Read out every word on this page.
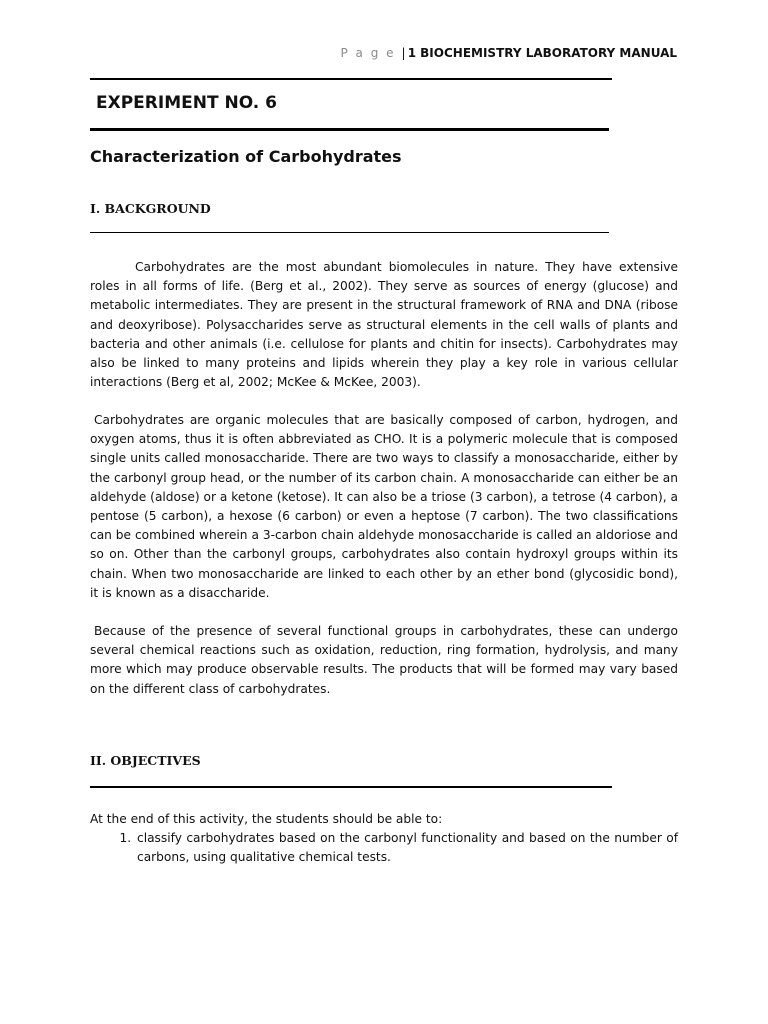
P a g e | 1 BIOCHEMISTRY LABORATORY MANUAL
EXPERIMENT NO. 6
Characterization of Carbohydrates
I. BACKGROUND

Carbohydrates are the most abundant biomolecules in nature. They have extensive roles in all forms of life. (Berg et al., 2002). They serve as sources of energy (glucose) and metabolic intermediates. They are present in the structural framework of RNA and DNA (ribose and deoxyribose). Polysaccharides serve as structural elements in the cell walls of plants and bacteria and other animals (i.e. cellulose for plants and chitin for insects). Carbohydrates may also be linked to many proteins and lipids wherein they play a key role in various cellular interactions (Berg et al, 2002; McKee & McKee, 2003).

Carbohydrates are organic molecules that are basically composed of carbon, hydrogen, and oxygen atoms, thus it is often abbreviated as CHO. It is a polymeric molecule that is composed single units called monosaccharide. There are two ways to classify a monosaccharide, either by the carbonyl group head, or the number of its carbon chain. A monosaccharide can either be an aldehyde (aldose) or a ketone (ketose). It can also be a triose (3 carbon), a tetrose (4 carbon), a pentose (5 carbon), a hexose (6 carbon) or even a heptose (7 carbon). The two classifications can be combined wherein a 3-carbon chain aldehyde monosaccharide is called an aldoriose and so on. Other than the carbonyl groups, carbohydrates also contain hydroxyl groups within its chain. When two monosaccharide are linked to each other by an ether bond (glycosidic bond), it is known as a disaccharide.

Because of the presence of several functional groups in carbohydrates, these can undergo several chemical reactions such as oxidation, reduction, ring formation, hydrolysis, and many more which may produce observable results. The products that will be formed may vary based on the different class of carbohydrates.

II. OBJECTIVES

At the end of this activity, the students should be able to:

1. classify carbohydrates based on the carbonyl functionality and based on the number of carbons, using qualitative chemical tests.
